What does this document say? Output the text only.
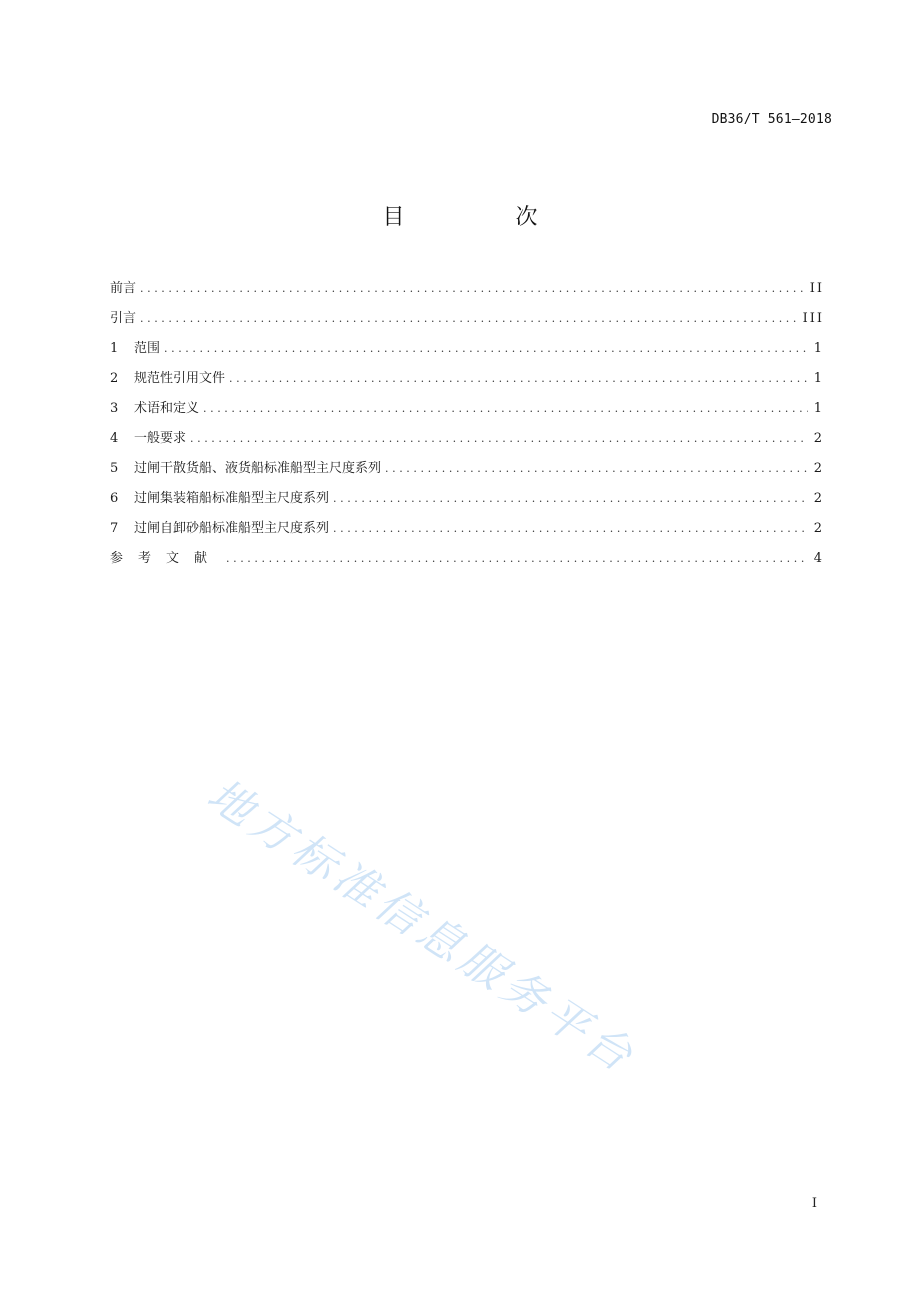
DB36/T 561—2018
目 次
前言 .....	II
引言 .....	III
1	范围 .....	1
2	规范性引用文件 .....	1
3	术语和定义 .....	1
4	一般要求 .....	2
5	过闸干散货船、液货船标准船型主尺度系列 .....	2
6	过闸集装箱船标准船型主尺度系列 .....	2
7	过闸自卸砂船标准船型主尺度系列 .....	2
参考文献 .....	4
地方标准信息服务平台
I
